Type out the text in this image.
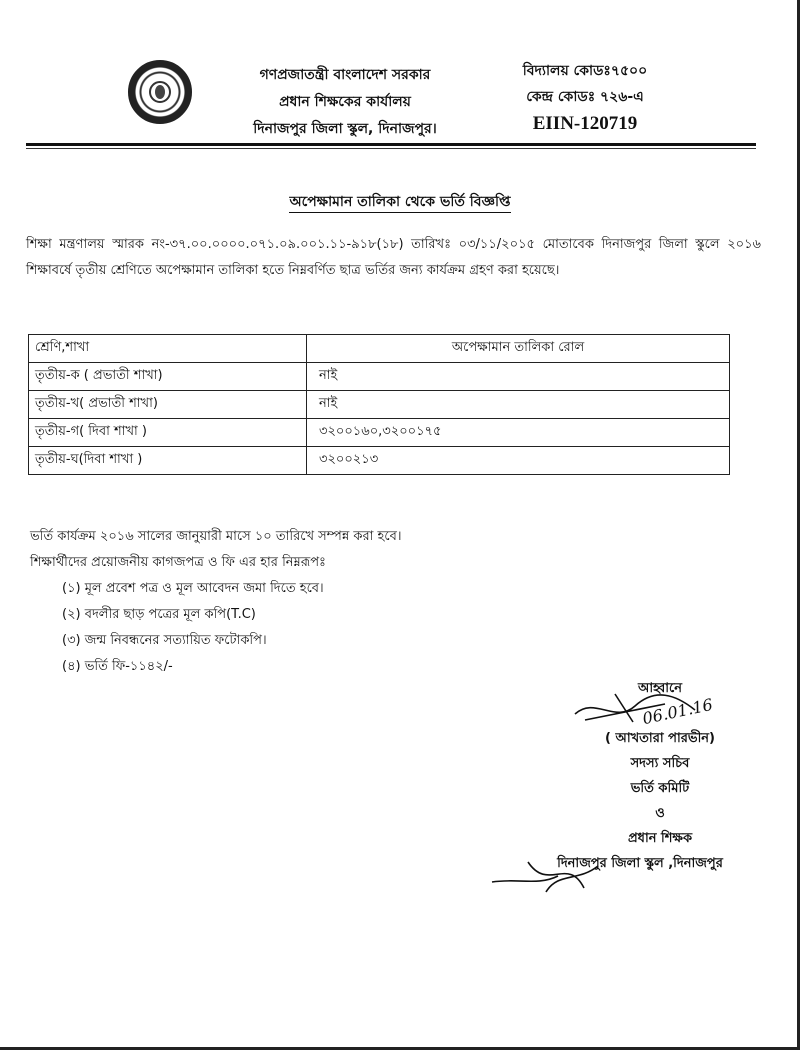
গণপ্রজাতন্ত্রী বাংলাদেশ সরকার
প্রধান শিক্ষকের কার্যালয়
দিনাজপুর জিলা স্কুল, দিনাজপুর।
বিদ্যালয় কোডঃ৭৫০০
কেন্দ্র কোডঃ ৭২৬-এ
EIIN-120719
অপেক্ষামান তালিকা থেকে ভর্তি বিজ্ঞপ্তি
শিক্ষা মন্ত্রণালয় স্মারক নং-৩৭.০০.০০০০.০৭১.০৯.০০১.১১-৯১৮(১৮) তারিখঃ ০৩/১১/২০১৫ মোতাবেক দিনাজপুর জিলা স্কুলে ২০১৬ শিক্ষাবর্ষে তৃতীয় শ্রেণিতে অপেক্ষামান তালিকা হতে নিম্নবর্ণিত ছাত্র ভর্তির জন্য কার্যক্রম গ্রহণ করা হয়েছে।
শ্রেণি,শাখা	অপেক্ষামান তালিকা রোল
তৃতীয়-ক ( প্রভাতী শাখা)	নাই
তৃতীয়-খ( প্রভাতী শাখা)	নাই
তৃতীয়-গ( দিবা শাখা )	৩২০০১৬০,৩২০০১৭৫
তৃতীয়-ঘ(দিবা শাখা )	৩২০০২১৩
ভর্তি কার্যক্রম ২০১৬ সালের জানুয়ারী মাসে ১০ তারিখে সম্পন্ন করা হবে।
শিক্ষার্থীদের প্রয়োজনীয় কাগজপত্র ও ফি এর হার নিম্নরূপঃ
(১) মূল প্রবেশ পত্র ও মূল আবেদন জমা দিতে হবে।
(২) বদলীর ছাড় পত্রের মূল কপি(T.C)
(৩) জন্ম নিবন্ধনের সত্যায়িত ফটোকপি।
(৪) ভর্তি ফি-১১৪২/-
06.01.16
আহ্বানে
( আখতারা পারভীন)
সদস্য সচিব
ভর্তি কমিটি
ও
প্রধান শিক্ষক
দিনাজপুর জিলা স্কুল ,দিনাজপুর
